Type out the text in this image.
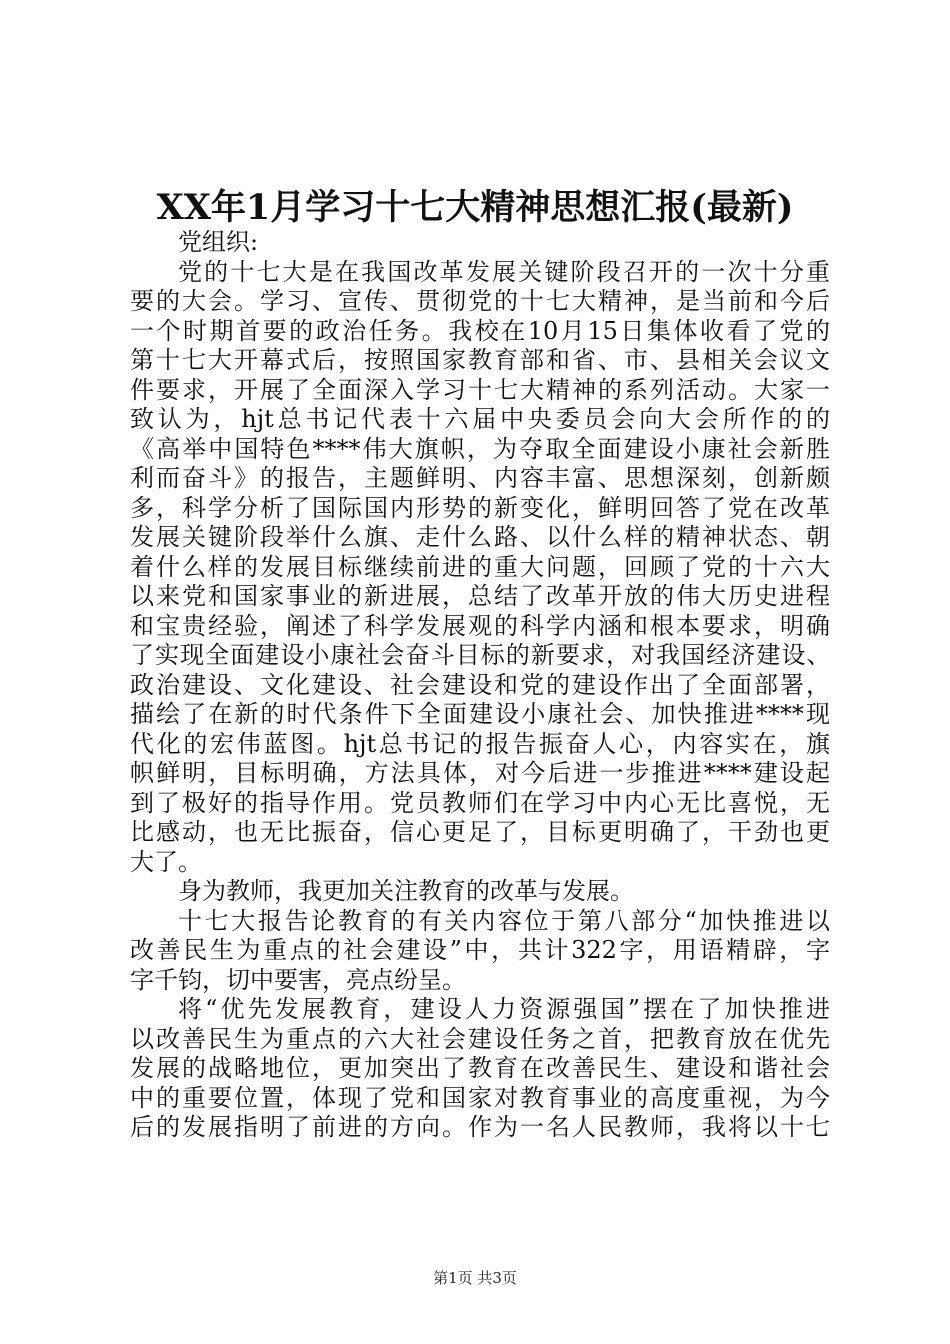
XX年1月学习十七大精神思想汇报(最新)
党组织:
党的十七大是在我国改革发展关键阶段召开的一次十分重
要的大会。学习、宣传、贯彻党的十七大精神，是当前和今后
一个时期首要的政治任务。我校在10月15日集体收看了党的
第十七大开幕式后，按照国家教育部和省、市、县相关会议文
件要求，开展了全面深入学习十七大精神的系列活动。大家一
致认为，hjt总书记代表十六届中央委员会向大会所作的的
《高举中国特色****伟大旗帜，为夺取全面建设小康社会新胜
利而奋斗》的报告，主题鲜明、内容丰富、思想深刻，创新颇
多，科学分析了国际国内形势的新变化，鲜明回答了党在改革
发展关键阶段举什么旗、走什么路、以什么样的精神状态、朝
着什么样的发展目标继续前进的重大问题，回顾了党的十六大
以来党和国家事业的新进展，总结了改革开放的伟大历史进程
和宝贵经验，阐述了科学发展观的科学内涵和根本要求，明确
了实现全面建设小康社会奋斗目标的新要求，对我国经济建设、
政治建设、文化建设、社会建设和党的建设作出了全面部署，
描绘了在新的时代条件下全面建设小康社会、加快推进****现
代化的宏伟蓝图。hjt总书记的报告振奋人心，内容实在，旗
帜鲜明，目标明确，方法具体，对今后进一步推进****建设起
到了极好的指导作用。党员教师们在学习中内心无比喜悦，无
比感动，也无比振奋，信心更足了，目标更明确了，干劲也更
大了。
身为教师，我更加关注教育的改革与发展。
十七大报告论教育的有关内容位于第八部分“加快推进以
改善民生为重点的社会建设”中，共计322字，用语精辟，字
字千钧，切中要害，亮点纷呈。
将“优先发展教育，建设人力资源强国”摆在了加快推进
以改善民生为重点的六大社会建设任务之首，把教育放在优先
发展的战略地位，更加突出了教育在改善民生、建设和谐社会
中的重要位置，体现了党和国家对教育事业的高度重视，为今
后的发展指明了前进的方向。作为一名人民教师，我将以十七
第1页 共3页
